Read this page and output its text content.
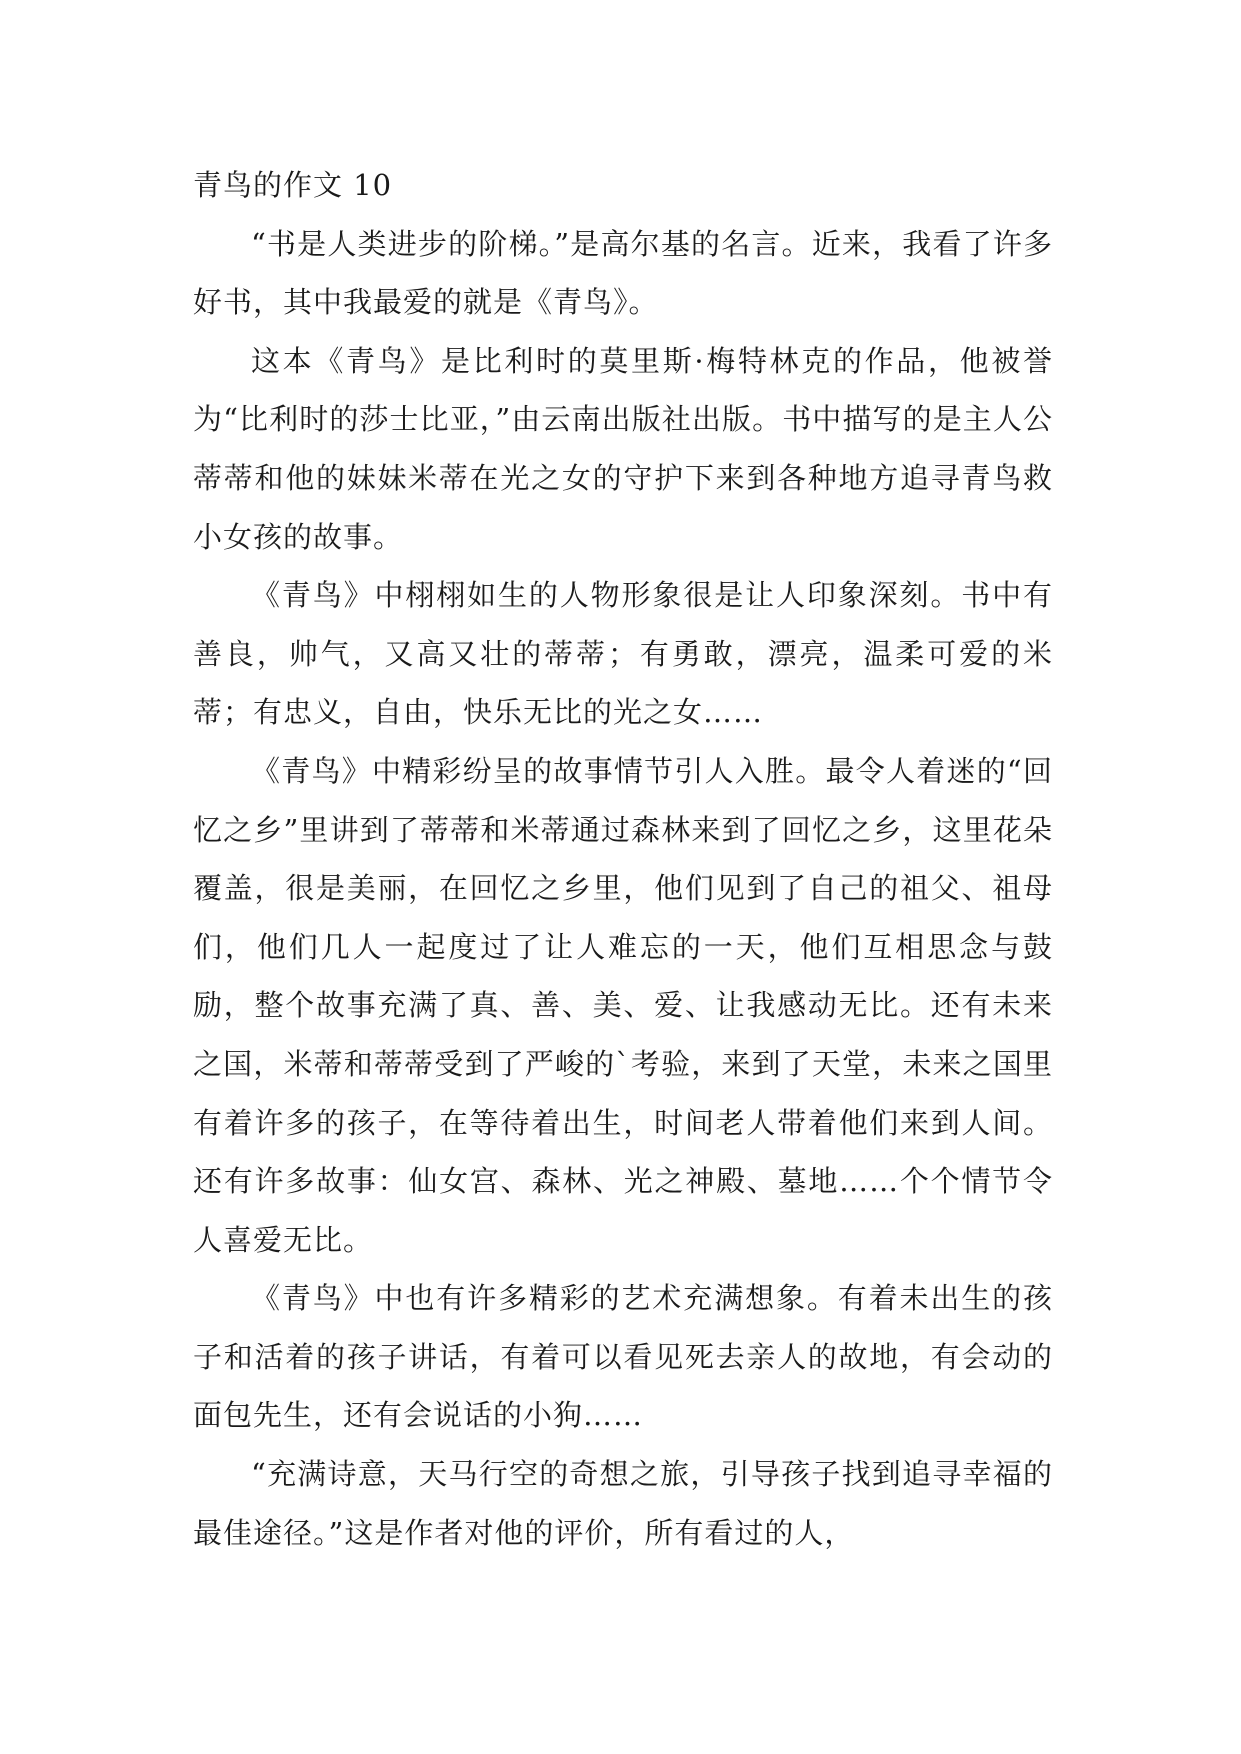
青鸟的作文 10

“书是人类进步的阶梯。”是高尔基的名言。近来，我看了许多好书，其中我最爱的就是《青鸟》。

这本《青鸟》是比利时的莫里斯·梅特林克的作品，他被誉为“比利时的莎士比亚，”由云南出版社出版。书中描写的是主人公蒂蒂和他的妹妹米蒂在光之女的守护下来到各种地方追寻青鸟救小女孩的故事。

《青鸟》中栩栩如生的人物形象很是让人印象深刻。书中有善良，帅气，又高又壮的蒂蒂；有勇敢，漂亮，温柔可爱的米蒂；有忠义，自由，快乐无比的光之女……

《青鸟》中精彩纷呈的故事情节引人入胜。最令人着迷的“回忆之乡”里讲到了蒂蒂和米蒂通过森林来到了回忆之乡，这里花朵覆盖，很是美丽，在回忆之乡里，他们见到了自己的祖父、祖母们，他们几人一起度过了让人难忘的一天，他们互相思念与鼓励，整个故事充满了真、善、美、爱、让我感动无比。还有未来之国，米蒂和蒂蒂受到了严峻的`考验，来到了天堂，未来之国里有着许多的孩子，在等待着出生，时间老人带着他们来到人间。还有许多故事：仙女宫、森林、光之神殿、墓地……个个情节令人喜爱无比。

《青鸟》中也有许多精彩的艺术充满想象。有着未出生的孩子和活着的孩子讲话，有着可以看见死去亲人的故地，有会动的面包先生，还有会说话的小狗……

“充满诗意，天马行空的奇想之旅，引导孩子找到追寻幸福的最佳途径。”这是作者对他的评价，所有看过的人，
